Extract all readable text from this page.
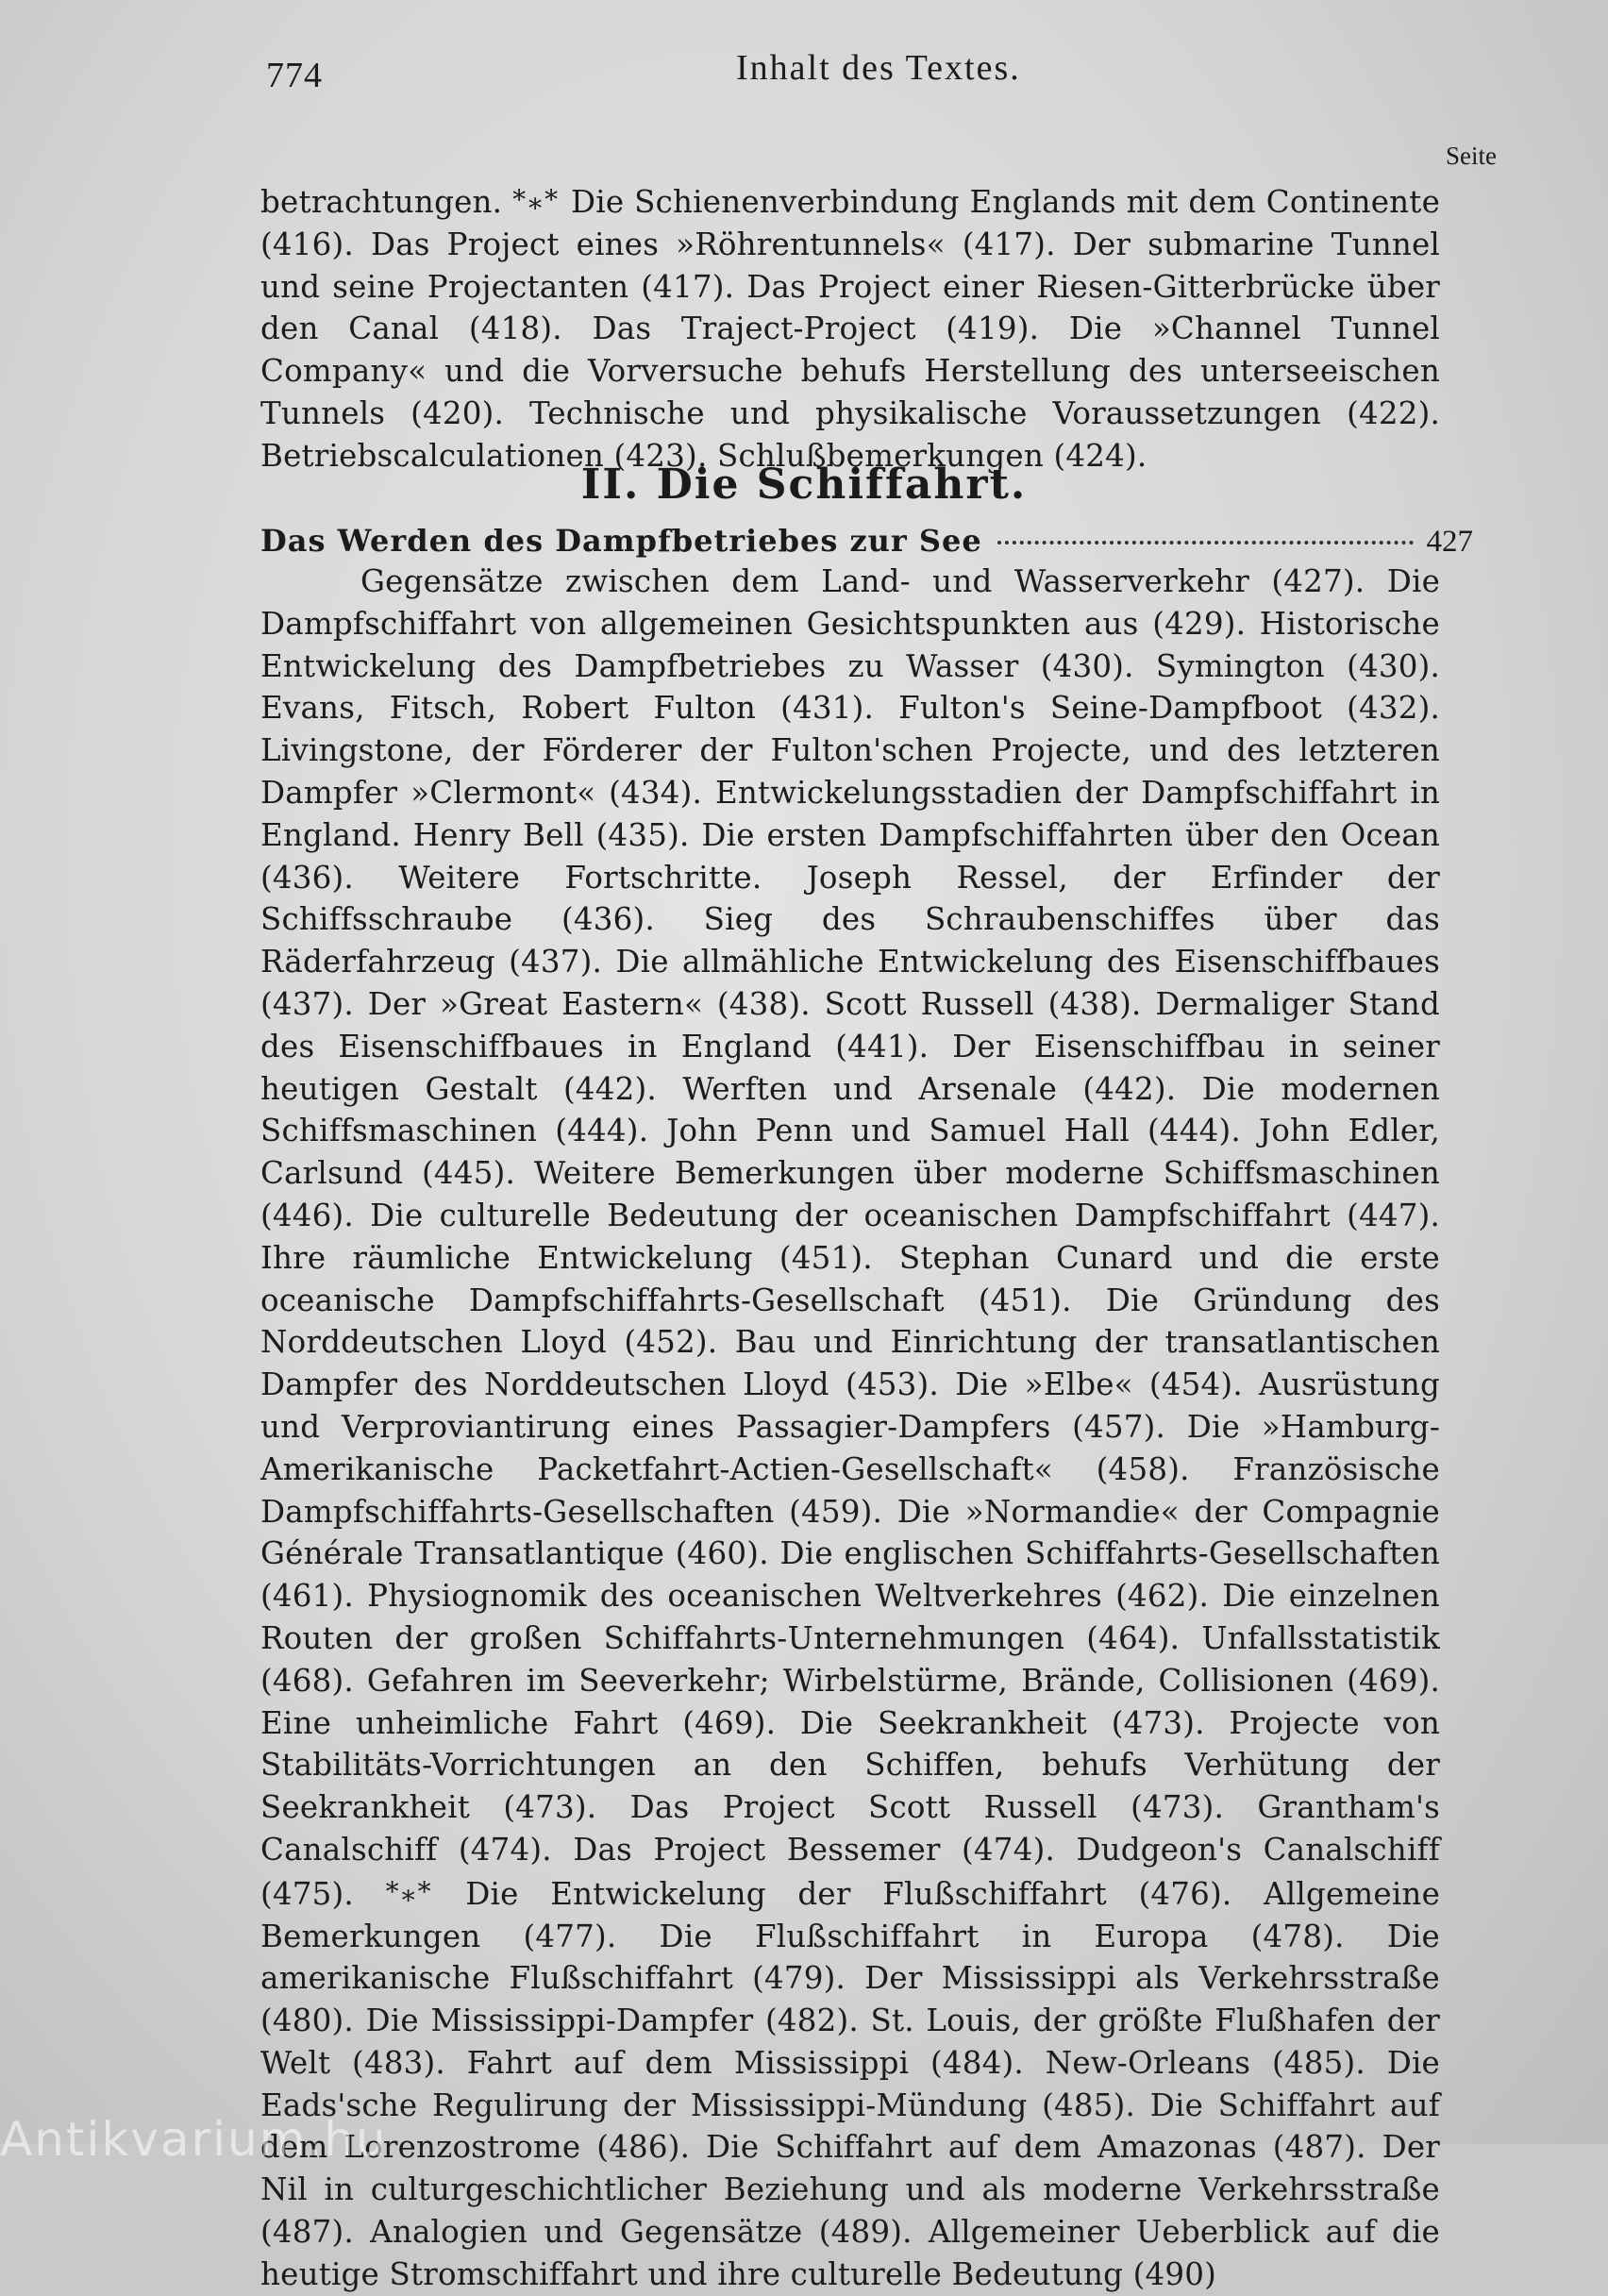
774	Inhalt des Textes.
Seite
betrachtungen. *⁎* Die Schienenverbindung Englands mit dem Continente (416). Das Project eines »Röhrentunnels« (417). Der submarine Tunnel und seine Projectanten (417). Das Project einer Riesen-Gitterbrücke über den Canal (418). Das Traject-Project (419). Die »Channel Tunnel Company« und die Vorversuche behufs Herstellung des unterseeischen Tunnels (420). Technische und physikalische Voraussetzungen (422). Betriebscalculationen (423). Schlußbemerkungen (424).
II. Die Schiffahrt.
Das Werden des Dampfbetriebes zur See	427
Gegensätze zwischen dem Land- und Wasserverkehr (427). Die Dampfschiffahrt von allgemeinen Gesichtspunkten aus (429). Historische Entwickelung des Dampfbetriebes zu Wasser (430). Symington (430). Evans, Fitsch, Robert Fulton (431). Fulton's Seine-Dampfboot (432). Livingstone, der Förderer der Fulton'schen Projecte, und des letzteren Dampfer »Clermont« (434). Entwickelungsstadien der Dampfschiffahrt in England. Henry Bell (435). Die ersten Dampfschiffahrten über den Ocean (436). Weitere Fortschritte. Joseph Ressel, der Erfinder der Schiffsschraube (436). Sieg des Schraubenschiffes über das Räderfahrzeug (437). Die allmähliche Entwickelung des Eisenschiffbaues (437). Der »Great Eastern« (438). Scott Russell (438). Dermaliger Stand des Eisenschiffbaues in England (441). Der Eisenschiffbau in seiner heutigen Gestalt (442). Werften und Arsenale (442). Die modernen Schiffsmaschinen (444). John Penn und Samuel Hall (444). John Edler, Carlsund (445). Weitere Bemerkungen über moderne Schiffsmaschinen (446). Die culturelle Bedeutung der oceanischen Dampfschiffahrt (447). Ihre räumliche Entwickelung (451). Stephan Cunard und die erste oceanische Dampfschiffahrts-Gesellschaft (451). Die Gründung des Norddeutschen Lloyd (452). Bau und Einrichtung der transatlantischen Dampfer des Norddeutschen Lloyd (453). Die »Elbe« (454). Ausrüstung und Verproviantirung eines Passagier-Dampfers (457). Die »Hamburg-Amerikanische Packetfahrt-Actien-Gesellschaft« (458). Französische Dampfschiffahrts-Gesellschaften (459). Die »Normandie« der Compagnie Générale Transatlantique (460). Die englischen Schiffahrts-Gesellschaften (461). Physiognomik des oceanischen Weltverkehres (462). Die einzelnen Routen der großen Schiffahrts-Unternehmungen (464). Unfallsstatistik (468). Gefahren im Seeverkehr; Wirbelstürme, Brände, Collisionen (469). Eine unheimliche Fahrt (469). Die Seekrankheit (473). Projecte von Stabilitäts-Vorrichtungen an den Schiffen, behufs Verhütung der Seekrankheit (473). Das Project Scott Russell (473). Grantham's Canalschiff (474). Das Project Bessemer (474). Dudgeon's Canalschiff (475). *⁎* Die Entwickelung der Flußschiffahrt (476). Allgemeine Bemerkungen (477). Die Flußschiffahrt in Europa (478). Die amerikanische Flußschiffahrt (479). Der Mississippi als Verkehrsstraße (480). Die Mississippi-Dampfer (482). St. Louis, der größte Flußhafen der Welt (483). Fahrt auf dem Mississippi (484). New-Orleans (485). Die Eads'sche Regulirung der Mississippi-Mündung (485). Die Schiffahrt auf dem Lorenzostrome (486). Die Schiffahrt auf dem Amazonas (487). Der Nil in culturgeschichtlicher Beziehung und als moderne Verkehrsstraße (487). Analogien und Gegensätze (489). Allgemeiner Ueberblick auf die heutige Stromschiffahrt und ihre culturelle Bedeutung (490)
Antikvarium.hu
